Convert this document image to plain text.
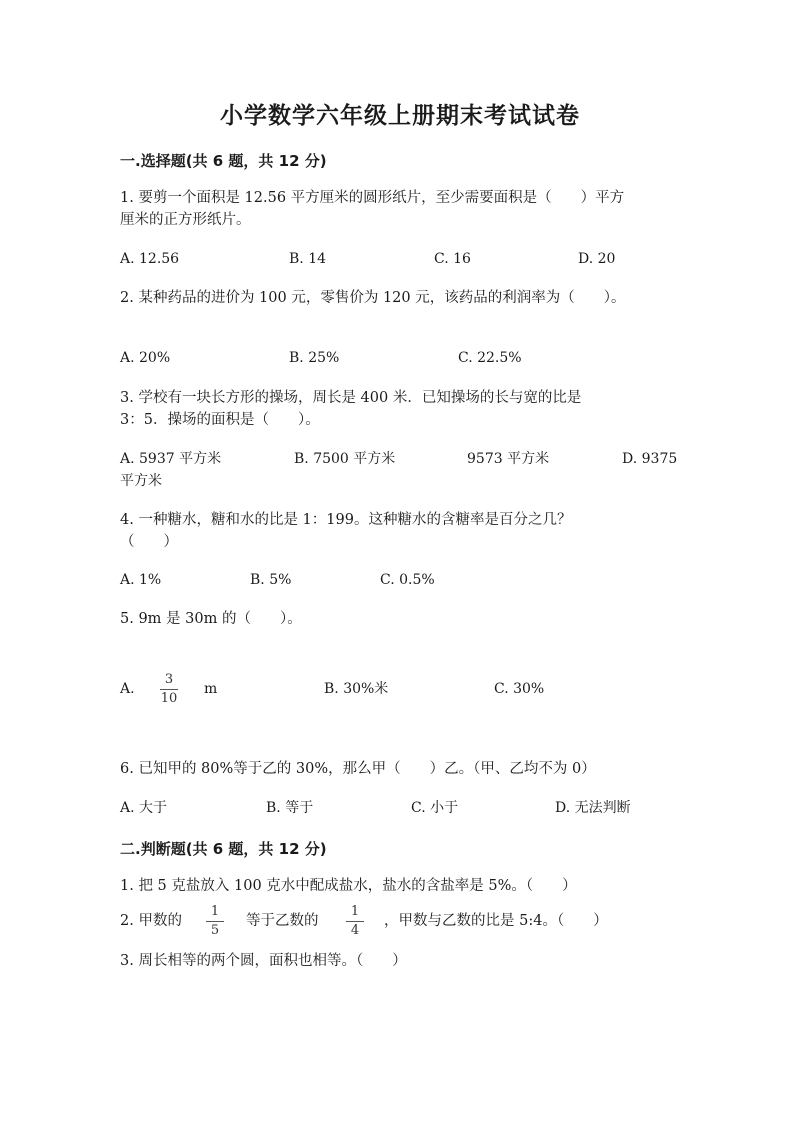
小学数学六年级上册期末考试试卷
一.选择题(共 6 题，共 12 分)
1. 要剪一个面积是 12.56 平方厘米的圆形纸片，至少需要面积是（　　）平方
厘米的正方形纸片。
A. 12.56	B. 14	C. 16	D. 20
2. 某种药品的进价为 100 元，零售价为 120 元，该药品的利润率为（　　）。
A. 20%	B. 25%	C. 22.5%
3. 学校有一块长方形的操场，周长是 400 米．已知操场的长与宽的比是
3：5．操场的面积是（　　）。
A. 5937 平方米	B. 7500 平方米	9573 平方米	D. 9375
平方米
4. 一种糖水，糖和水的比是 1：199。这种糖水的含糖率是百分之几？
（　　）
A. 1%	B. 5%	C. 0.5%
5. 9m 是 30m 的（　　）。
A.
3
10
m	B. 30%米	C. 30%
6. 已知甲的 80%等于乙的 30%，那么甲（　　）乙。（甲、乙均不为 0）
A. 大于	B. 等于	C. 小于	D. 无法判断
二.判断题(共 6 题，共 12 分)
1. 把 5 克盐放入 100 克水中配成盐水，盐水的含盐率是 5%。（　　）
2. 甲数的
1
5
等于乙数的
1
4
，甲数与乙数的比是 5:4。（　　）
3. 周长相等的两个圆，面积也相等。（　　）
